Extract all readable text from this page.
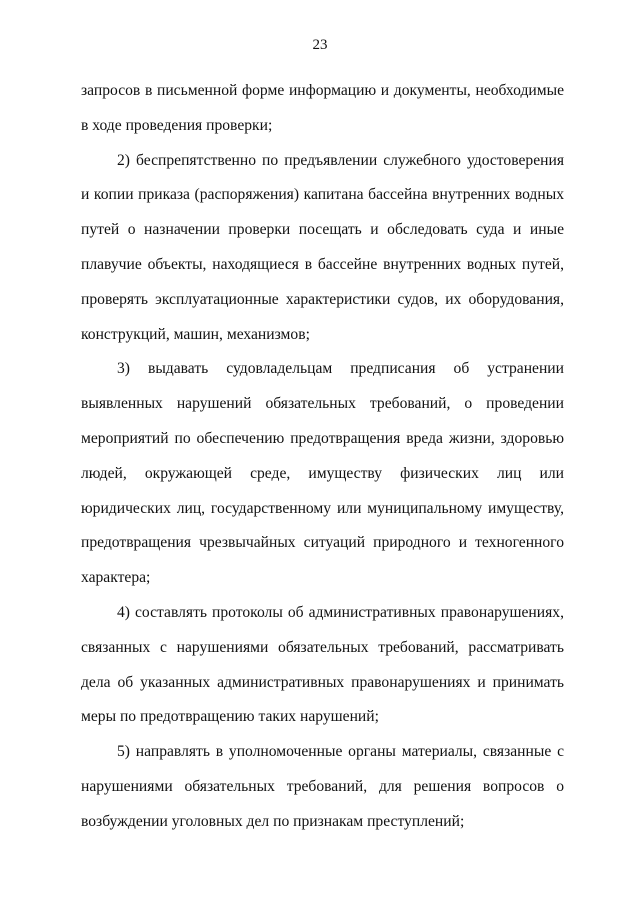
23

запросов в письменной форме информацию и документы, необходимые в ходе проведения проверки;

2) беспрепятственно по предъявлении служебного удостоверения и копии приказа (распоряжения) капитана бассейна внутренних водных путей о назначении проверки посещать и обследовать суда и иные плавучие объекты, находящиеся в бассейне внутренних водных путей, проверять эксплуатационные характеристики судов, их оборудования, конструкций, машин, механизмов;

3) выдавать судовладельцам предписания об устранении выявленных нарушений обязательных требований, о проведении мероприятий по обеспечению предотвращения вреда жизни, здоровью людей, окружающей среде, имуществу физических лиц или юридических лиц, государственному или муниципальному имуществу, предотвращения чрезвычайных ситуаций природного и техногенного характера;

4) составлять протоколы об административных правонарушениях, связанных с нарушениями обязательных требований, рассматривать дела об указанных административных правонарушениях и принимать меры по предотвращению таких нарушений;

5) направлять в уполномоченные органы материалы, связанные с нарушениями обязательных требований, для решения вопросов о возбуждении уголовных дел по признакам преступлений;
